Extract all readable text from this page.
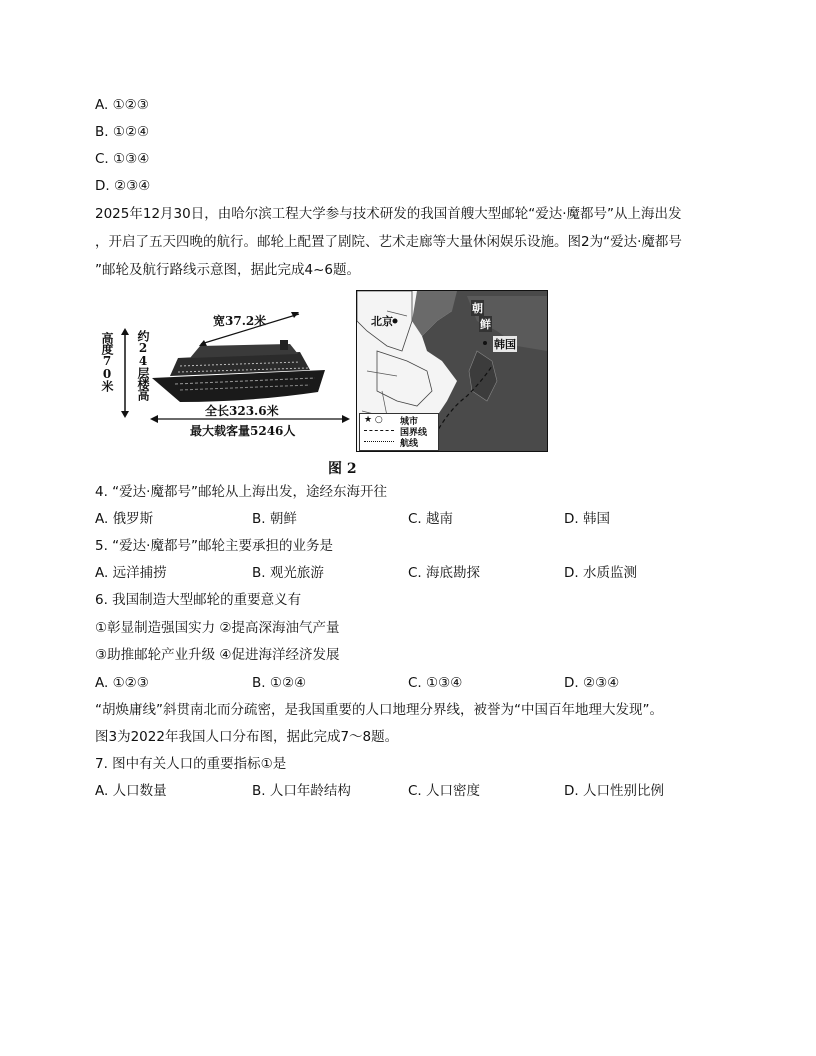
A. ①②③
B. ①②④
C. ①③④
D. ②③④
2025年12月30日，由哈尔滨工程大学参与技术研发的我国首艘大型邮轮“爱达·魔都号”从上海出发
，开启了五天四晚的航行。邮轮上配置了剧院、艺术走廊等大量休闲娱乐设施。图2为“爱达·魔都号
”邮轮及航行路线示意图，据此完成4~6题。
高度70米 约24层楼高
宽37.2米
全长323.6米
最大载客量5246人
北京
朝
鲜
韩国
★ ○ 城市
国界线
航线
图 2
4. “爱达·魔都号”邮轮从上海出发，途经东海开往
A. 俄罗斯	B. 朝鲜	C. 越南	D. 韩国
5. “爱达·魔都号”邮轮主要承担的业务是
A. 远洋捕捞	B. 观光旅游	C. 海底勘探	D. 水质监测
6. 我国制造大型邮轮的重要意义有
①彰显制造强国实力 ②提高深海油气产量
③助推邮轮产业升级 ④促进海洋经济发展
A. ①②③	B. ①②④	C. ①③④	D. ②③④
“胡焕庸线”斜贯南北而分疏密，是我国重要的人口地理分界线，被誉为“中国百年地理大发现”。
图3为2022年我国人口分布图，据此完成7～8题。
7. 图中有关人口的重要指标①是
A. 人口数量	B. 人口年龄结构	C. 人口密度	D. 人口性别比例
